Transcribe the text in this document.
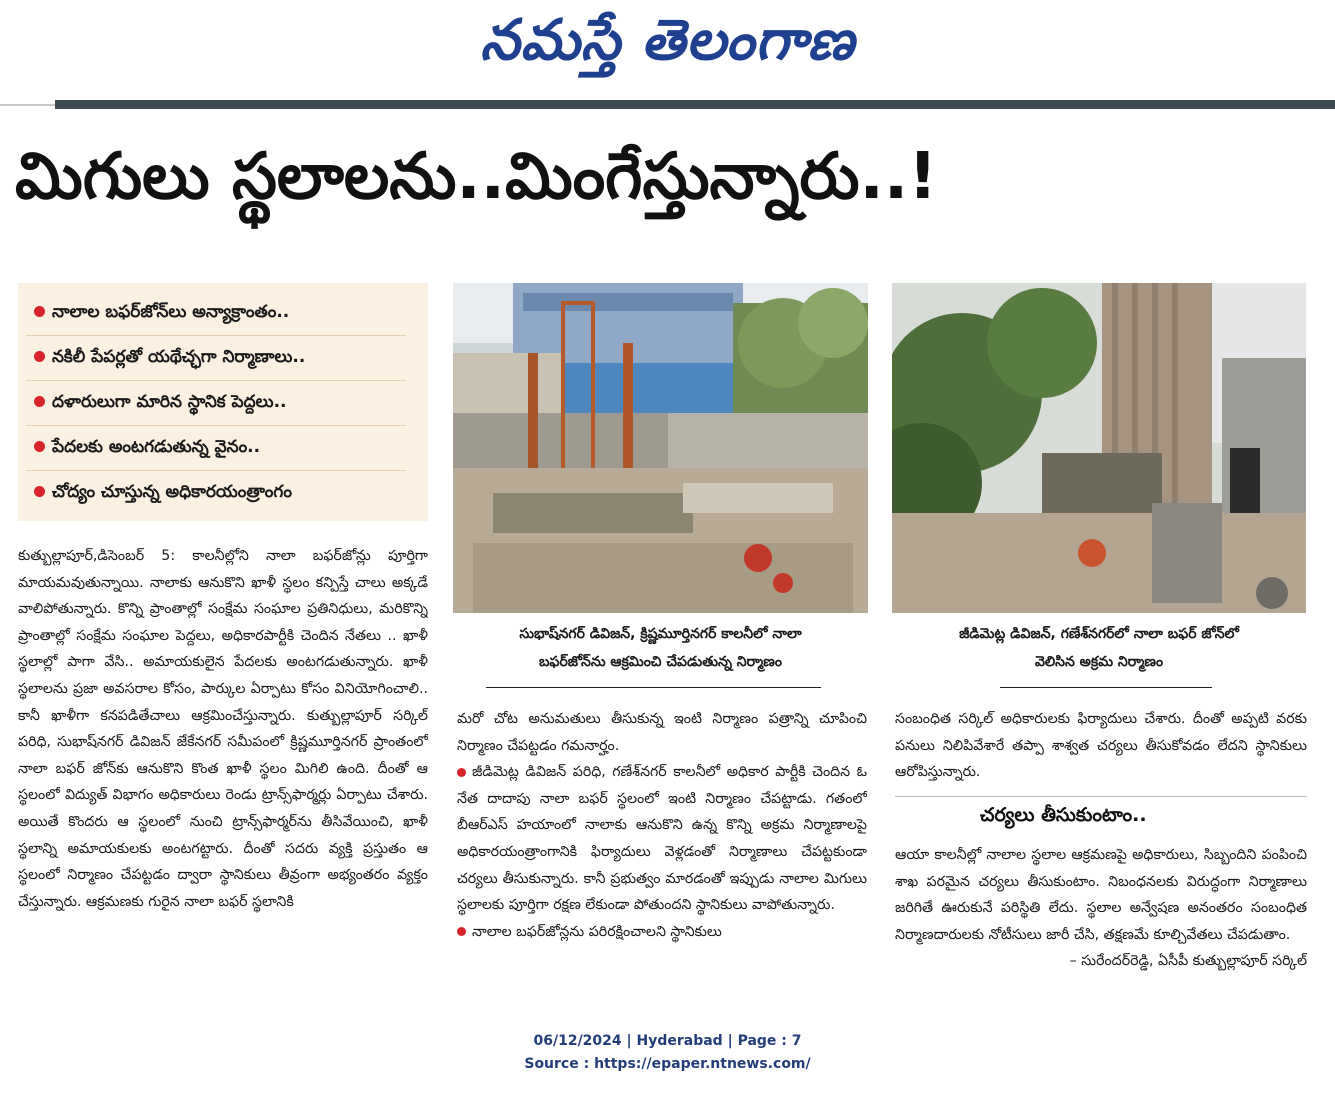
నమస్తే తెలంగాణ
మిగులు స్థలాలను..మింగేస్తున్నారు..!
నాలాల బఫర్‌జోన్‌లు అన్యాక్రాంతం..
నకిలీ పేపర్లతో యథేచ్ఛగా నిర్మాణాలు..
దళారులుగా మారిన స్థానిక పెద్దలు..
పేదలకు అంటగడుతున్న వైనం..
చోద్యం చూస్తున్న అధికారయంత్రాంగం
సుభాష్‌నగర్ డివిజన్, క్రిష్ణమూర్తినగర్ కాలనీలో నాలా
బఫర్‌జోన్‌ను ఆక్రమించి చేపడుతున్న నిర్మాణం
జీడిమెట్ల డివిజన్, గణేశ్‌నగర్‌లో నాలా బఫర్ జోన్‌లో
వెలిసిన అక్రమ నిర్మాణం

కుత్బుల్లాపూర్,డిసెంబర్ 5: కాలనీల్లోని నాలా బఫర్‌జోన్లు పూర్తిగా మాయమవుతున్నాయి. నాలాకు ఆనుకొని ఖాళీ స్థలం కన్పిస్తే చాలు అక్కడే వాలిపోతున్నారు. కొన్ని ప్రాంతాల్లో సంక్షేమ సంఘాల ప్రతినిధులు, మరికొన్ని ప్రాంతాల్లో సంక్షేమ సంఘాల పెద్దలు, అధికారపార్టీకి చెందిన నేతలు .. ఖాళీ స్థలాల్లో పాగా వేసి.. అమాయకులైన పేదలకు అంటగడుతున్నారు. ఖాళీ స్థలాలను ప్రజా అవసరాల కోసం, పార్కుల ఏర్పాటు కోసం వినియోగించాలి.. కానీ ఖాళీగా కనపడితేచాలు ఆక్రమించేస్తున్నారు. కుత్బుల్లాపూర్ సర్కిల్ పరిధి, సుభాష్‌నగర్ డివిజన్ జేకేనగర్ సమీపంలో క్రిష్ణమూర్తినగర్ ప్రాంతంలో నాలా బఫర్ జోన్‌కు ఆనుకొని కొంత ఖాళీ స్థలం మిగిలి ఉంది. దీంతో ఆ స్థలంలో విద్యుత్ విభాగం అధికారులు రెండు ట్రాన్స్‌ఫార్మర్లు ఏర్పాటు చేశారు. అయితే కొందరు ఆ స్థలంలో నుంచి ట్రాన్స్‌ఫార్మర్‌ను తీసివేయించి, ఖాళీ స్థలాన్ని అమాయకులకు అంటగట్టారు. దీంతో సదరు వ్యక్తి ప్రస్తుతం ఆ స్థలంలో నిర్మాణం చేపట్టడం ద్వారా స్థానికులు తీవ్రంగా అభ్యంతరం వ్యక్తం చేస్తున్నారు. ఆక్రమణకు గురైన నాలా బఫర్ స్థలానికి

మరో చోట అనుమతులు తీసుకున్న ఇంటి నిర్మాణం పత్రాన్ని చూపించి నిర్మాణం చేపట్టడం గమనార్హం.

జీడిమెట్ల డివిజన్ పరిధి, గణేశ్‌నగర్ కాలనీలో అధికార పార్టీకి చెందిన ఓ నేత దాదాపు నాలా బఫర్ స్థలంలో ఇంటి నిర్మాణం చేపట్టాడు. గతంలో బీఆర్‌ఎస్ హయాంలో నాలాకు ఆనుకొని ఉన్న కొన్ని అక్రమ నిర్మాణాలపై అధికారయంత్రాంగానికి ఫిర్యాదులు వెళ్లడంతో నిర్మాణాలు చేపట్టకుండా చర్యలు తీసుకున్నారు. కానీ ప్రభుత్వం మారడంతో ఇప్పుడు నాలాల మిగులు స్థలాలకు పూర్తిగా రక్షణ లేకుండా పోతుందని స్థానికులు వాపోతున్నారు.

నాలాల బఫర్‌జోన్లను పరిరక్షించాలని స్థానికులు

సంబంధిత సర్కిల్ అధికారులకు ఫిర్యాదులు చేశారు. దీంతో అప్పటి వరకు పనులు నిలిపివేశారే తప్పా శాశ్వత చర్యలు తీసుకోవడం లేదని స్థానికులు ఆరోపిస్తున్నారు.

చర్యలు తీసుకుంటాం..

ఆయా కాలనీల్లో నాలాల స్థలాల ఆక్రమణపై అధికారులు, సిబ్బందిని పంపించి శాఖ పరమైన చర్యలు తీసుకుంటాం. నిబంధనలకు విరుద్ధంగా నిర్మాణాలు జరిగితే ఊరుకునే పరిస్థితి లేదు. స్థలాల అన్వేషణ అనంతరం సంబంధిత నిర్మాణదారులకు నోటీసులు జారీ చేసి, తక్షణమే కూల్చివేతలు చేపడుతాం.

– సురేందర్‌రెడ్డి, ఏసీపీ కుత్బుల్లాపూర్ సర్కిల్

06/12/2024 | Hyderabad | Page : 7
Source : https://epaper.ntnews.com/
